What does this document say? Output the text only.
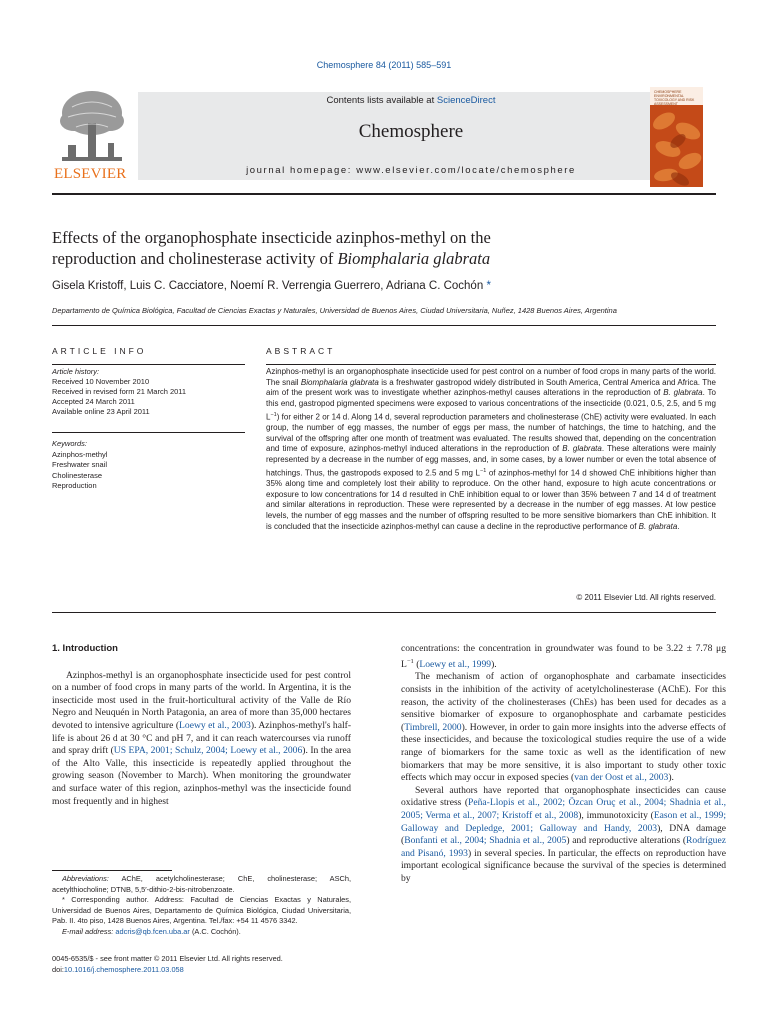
Chemosphere 84 (2011) 585–591
ELSEVIER
Contents lists available at ScienceDirect
Chemosphere
journal homepage: www.elsevier.com/locate/chemosphere
CHEMOSPHERE ENVIRONMENTAL TOXICOLOGY AND RISK ASSESSMENT
Effects of the organophosphate insecticide azinphos-methyl on the
reproduction and cholinesterase activity of Biomphalaria glabrata
Gisela Kristoff, Luis C. Cacciatore, Noemí R. Verrengia Guerrero, Adriana C. Cochón *
Departamento de Química Biológica, Facultad de Ciencias Exactas y Naturales, Universidad de Buenos Aires, Ciudad Universitaria, Nuñez, 1428 Buenos Aires, Argentina
ARTICLE INFO	ABSTRACT
Article history:
Received 10 November 2010
Received in revised form 21 March 2011
Accepted 24 March 2011
Available online 23 April 2011
Keywords:
Azinphos-methyl
Freshwater snail
Cholinesterase
Reproduction
Azinphos-methyl is an organophosphate insecticide used for pest control on a number of food crops in many parts of the world. The snail Biomphalaria glabrata is a freshwater gastropod widely distributed in South America, Central America and Africa. The aim of the present work was to investigate whether azinphos-methyl causes alterations in the reproduction of B. glabrata. To this end, gastropod pigmented specimens were exposed to various concentrations of the insecticide (0.021, 0.5, 2.5, and 5 mg $L^{-1}$) for either 2 or 14 d. Along 14 d, several reproduction parameters and cholinesterase (ChE) activity were evaluated. In each group, the number of egg masses, the number of eggs per mass, the number of hatchings, the time to hatching, and the survival of the offspring after one month of treatment was evaluated. The results showed that, depending on the concentration and time of exposure, azinphos-methyl induced alterations in the reproduction of B. glabrata. These alterations were mainly represented by a decrease in the number of egg masses, and, in some cases, by a lower number or even the total absence of hatchings. Thus, the gastropods exposed to 2.5 and 5 mg $L^{-1}$ of azinphos-methyl for 14 d showed ChE inhibitions higher than 35% along time and completely lost their ability to reproduce. On the other hand, exposure to high acute concentrations or exposure to low concentrations for 14 d resulted in ChE inhibition equal to or lower than 35% between 7 and 14 d of treatment and similar alterations in reproduction. These were represented by a decrease in the number of egg masses. At low pestice levels, the number of egg masses and the number of offspring resulted to be more sensitive biomarkers than ChE inhibition. It is concluded that the insecticide azinphos-methyl can cause a decline in the reproductive performance of B. glabrata.
© 2011 Elsevier Ltd. All rights reserved.
1. Introduction

Azinphos-methyl is an organophosphate insecticide used for pest control on a number of food crops in many parts of the world. In Argentina, it is the insecticide most used in the fruit-horticultural activity of the Valle de Río Negro and Neuquén in North Patagonia, an area of more than 35,000 hectares devoted to intensive agriculture (Loewy et al., 2003). Azinphos-methyl's half-life is about 26 d at 30 °C and pH 7, and it can reach watercourses via runoff and spray drift (US EPA, 2001; Schulz, 2004; Loewy et al., 2006). In the area of the Alto Valle, this insecticide is repeatedly applied throughout the growing season (November to March). When monitoring the groundwater and surface water of this region, azinphos-methyl was the insecticide found most frequently and in highest

Abbreviations: AChE, acetylcholinesterase; ChE, cholinesterase; ASCh, acetylthiocholine; DTNB, 5,5′-dithio-2-bis-nitrobenzoate.
* Corresponding author. Address: Facultad de Ciencias Exactas y Naturales, Universidad de Buenos Aires, Departamento de Química Biológica, Ciudad Universitaria, Pab. II. 4to piso, 1428 Buenos Aires, Argentina. Tel./fax: +54 11 4576 3342.
E-mail address: adcris@qb.fcen.uba.ar (A.C. Cochón).
0045-6535/$ - see front matter © 2011 Elsevier Ltd. All rights reserved.
doi:10.1016/j.chemosphere.2011.03.058

concentrations: the concentration in groundwater was found to be 3.22 ± 7.78 μg $L^{-1}$ (Loewy et al., 1999).

The mechanism of action of organophosphate and carbamate insecticides consists in the inhibition of the activity of acetylcholinesterase (AChE). For this reason, the activity of the cholinesterases (ChEs) has been used for decades as a sensitive biomarker of exposure to organophosphate and carbamate pesticides (Timbrell, 2000). However, in order to gain more insights into the adverse effects of these insecticides, and because the toxicological studies require the use of a wide range of biomarkers for the same toxic as well as the identification of new biomarkers that may be more sensitive, it is also important to study other toxic effects which may occur in exposed species (van der Oost et al., 2003).

Several authors have reported that organophosphate insecticides can cause oxidative stress (Peña-Llopis et al., 2002; Özcan Oruç et al., 2004; Shadnia et al., 2005; Verma et al., 2007; Kristoff et al., 2008), immunotoxicity (Eason et al., 1999; Galloway and Depledge, 2001; Galloway and Handy, 2003), DNA damage (Bonfanti et al., 2004; Shadnia et al., 2005) and reproductive alterations (Rodríguez and Pisanó, 1993) in several species. In particular, the effects on reproduction have important ecological significance because the survival of the species is determined by
